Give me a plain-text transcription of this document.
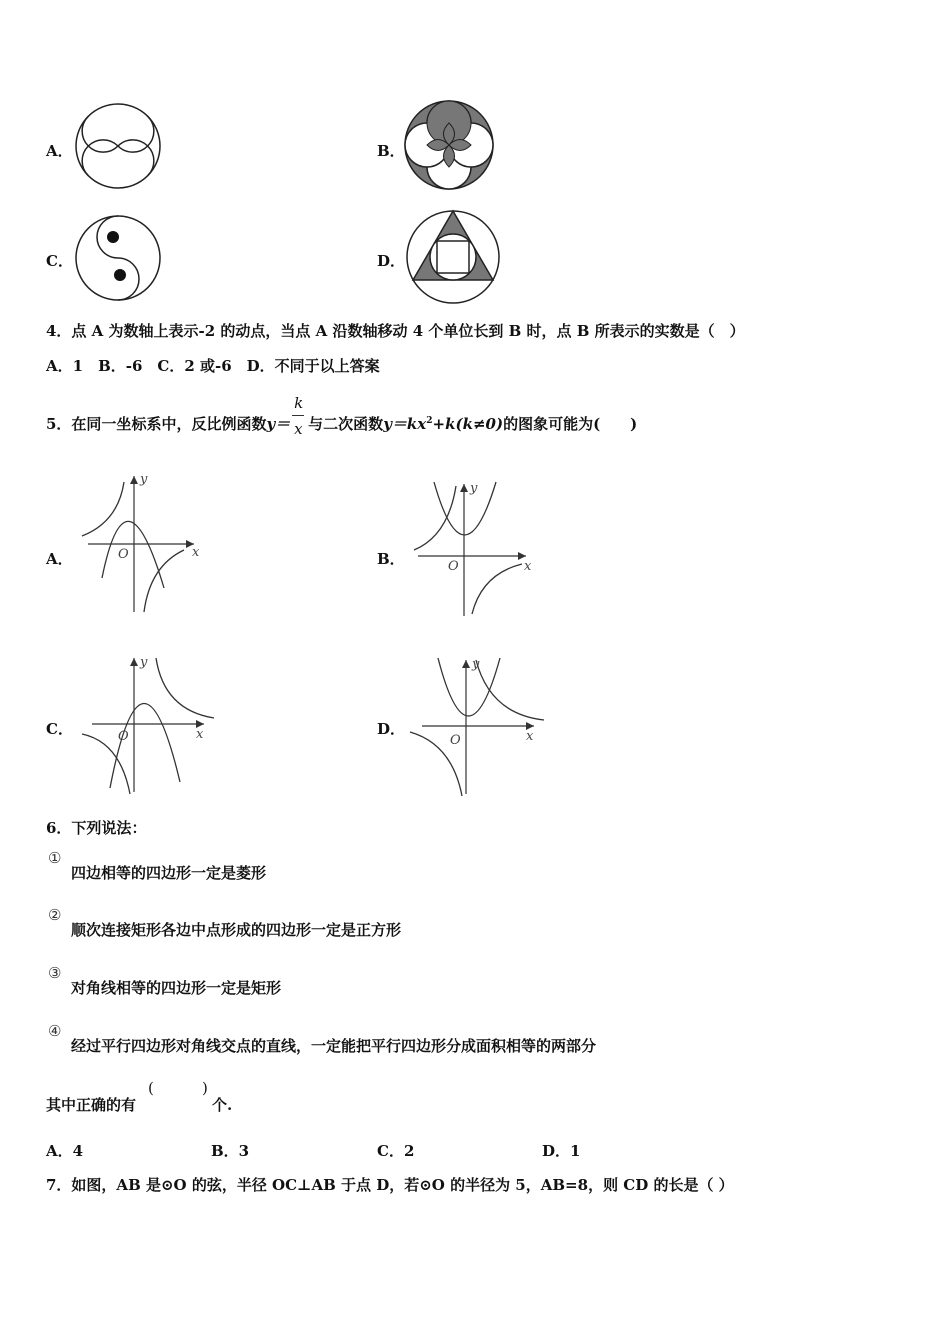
A．	B．
C．	D．
4．点 A 为数轴上表示-2 的动点，当点 A 沿数轴移动 4 个单位长到 B 时，点 B 所表示的实数是（　）
A．1　B．-6　C．2 或-6　D．不同于以上答案
5．在同一坐标系中，反比例函数$y= \frac{k}{x}$ 与二次函数$y=kx^2+k(k\ne 0)$的图象可能为(　　)
A．
y
x
O	B．
y
x
O
C．
y
x
O	D．
y
x
O
6．下列说法：
①
四边相等的四边形一定是菱形
②
顺次连接矩形各边中点形成的四边形一定是正方形
③
对角线相等的四边形一定是矩形
④
经过平行四边形对角线交点的直线，一定能把平行四边形分成面积相等的两部分
其中正确的有
(	)
个.
A．4	B．3	C．2	D．1
7．如图，AB 是⊙O 的弦，半径 OC⊥AB 于点 D，若⊙O 的半径为 5，AB=8，则 CD 的长是（ ）
